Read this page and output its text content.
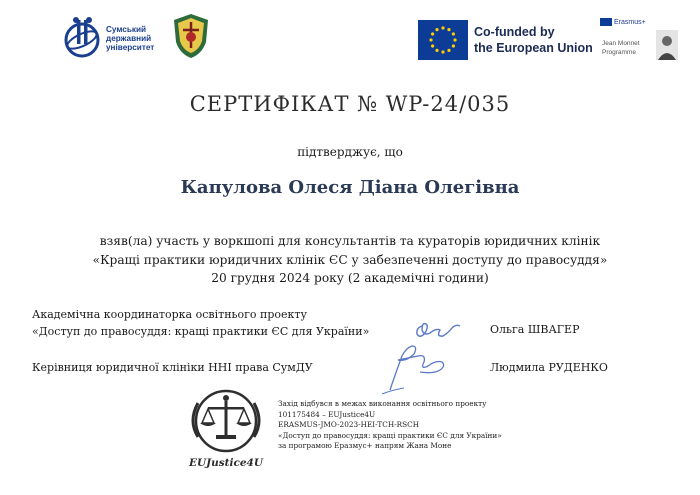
Сумський
державний
університет
Co-funded by
the European Union
Erasmus+
Jean Monnet
Programme
СЕРТИФІКАТ № WP-24/035
підтверджує, що
Капулова Олеся Діана Олегівна
взяв(ла) участь у воркшопі для консультантів та кураторів юридичних клінік
«Кращі практики юридичних клінік ЄС у забезпеченні доступу до правосуддя»
20 грудня 2024 року (2 академічні години)
Академічна координаторка освітнього проекту
«Доступ до правосуддя: кращі практики ЄС для України»	Ольга ШВАГЕР
Керівниця юридичної клініки ННІ права СумДУ	Людмила РУДЕНКО
EUJustice4U
Захід відбувся в межах виконання освітнього проекту
101175484 – EUJustice4U
ERASMUS-JMO-2023-HEI-TCH-RSCH
«Доступ до правосуддя: кращі практики ЄС для України»
за програмою Еразмус+ напрям Жана Моне
